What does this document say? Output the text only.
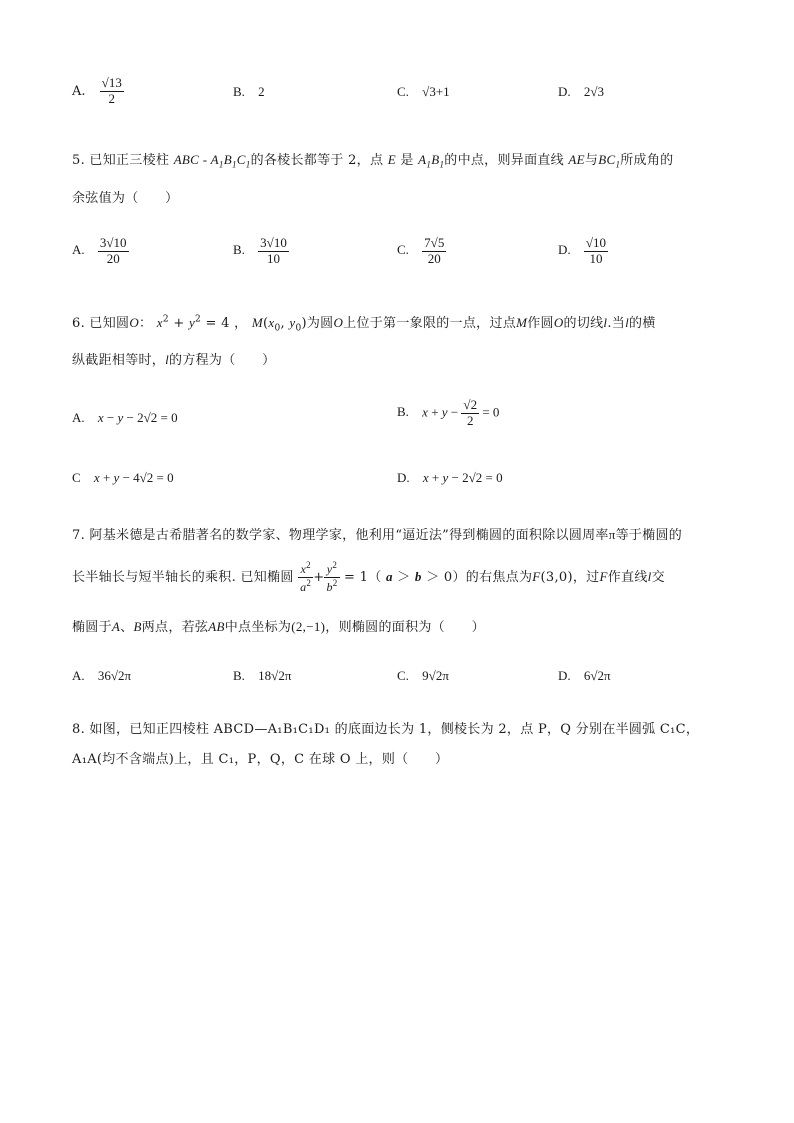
A. $\frac{√13}{2}$	B. 2	C. √3+1	D. 2√3
5. 已知正三棱柱 ABC - $A_1B_1C_1$的各棱长都等于 2，点 E 是 $A_1B_1$的中点，则异面直线 AE与$BC_1$所成角的
余弦值为（　　）
A. $\frac{3√10}{20}$	B. $\frac{3√10}{10}$	C. $\frac{7√5}{20}$	D. $\frac{√10}{10}$
6. 已知圆O： $x^2 + y^2 = 4$ ， $M(x_0$, $y_0$)为圆O上位于第一象限的一点，过点M作圆O的切线l.当l的横
纵截距相等时，l的方程为（　　）
A. x − y − 2√2 = 0	B. $x + y - \frac{√2}{2} = 0$
C x + y − 4√2 = 0	D. x + y − 2√2 = 0
7. 阿基米德是古希腊著名的数学家、物理学家，他利用“逼近法”得到椭圆的面积除以圆周率π等于椭圆的
长半轴长与短半轴长的乘积. 已知椭圆 $\frac{x^2}{a^2} + \frac{y^2}{b^2} = 1$（ a ＞ b ＞ 0）的右焦点为F(3,0)，过F作直线l交
椭圆于A、B两点，若弦AB中点坐标为(2,−1)，则椭圆的面积为（　　）
A. 36√2π	B. 18√2π	C. 9√2π	D. 6√2π
8. 如图，已知正四棱柱 ABCD—A₁B₁C₁D₁ 的底面边长为 1，侧棱长为 2，点 P，Q 分别在半圆弧 C₁C，
A₁A(均不含端点)上，且 C₁，P，Q，C 在球 O 上，则（　　）
